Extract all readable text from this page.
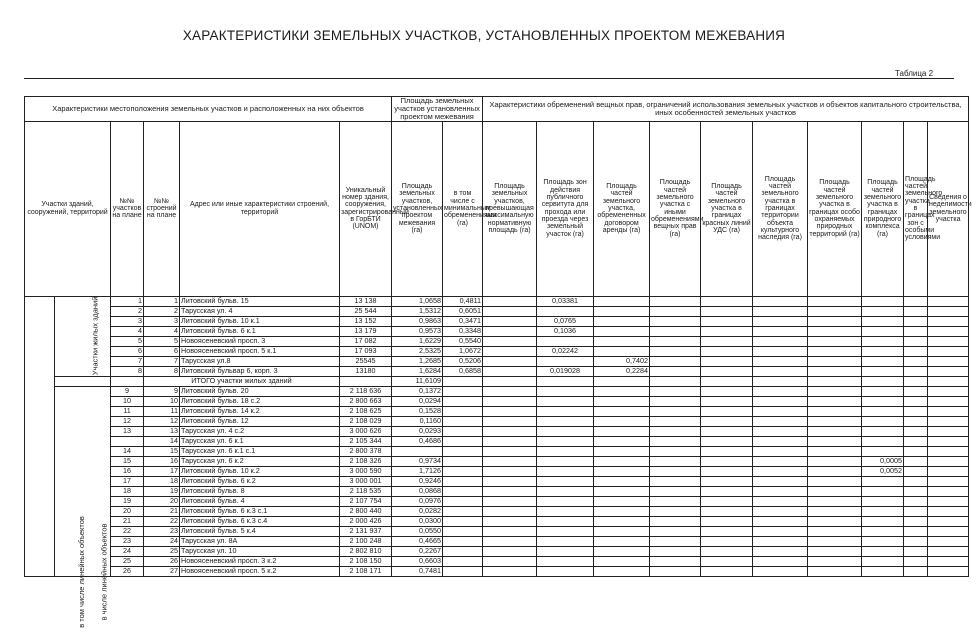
ХАРАКТЕРИСТИКИ ЗЕМЕЛЬНЫХ УЧАСТКОВ, УСТАНОВЛЕННЫХ ПРОЕКТОМ МЕЖЕВАНИЯ
Таблица 2
Характеристики местоположения земельных участков и расположенных на них объектов						Площадь земельных участков установленных проектом межевания		Характеристики обременений вещных прав, ограничений использования земельных участков и объектов капитального строительства, иных особенностей земельных участков									
Участки зданий, сооружений, территорий		№№ участков на плане	№№ строений на плане	Адрес или иные характеристики строений, территорий	Уникальный номер здания, сооружения, зарегистрированный в ГорБТИ (UNOM)	Площадь земельных участков, установленных проектом межевания (га)	в том числе с минимальным обременениями (га)	Площадь земельных участков, превышающая максимальную нормативную площадь (га)	Площадь зон действия публичного сервитута для прохода или проезда через земельный участок (га)	Площадь частей земельного участка, обремененных договором аренды (га)	Площадь частей земельного участка с иными обременениями вещных прав (га)	Площадь частей земельного участка в границах красных линий УДС (га)	Площадь частей земельного участка в границах территории объекта культурного наследия (га)	Площадь частей земельного участка в границах особо охраняемых природных территорий (га)	Площадь частей земельного участка в границах природного комплекса (га)	Площадь частей земельного участка в границах зон с особыми условиями	Сведения о неделимости земельного участка
в том числе линейных объектов	Участки жилых зданий	1	1	Литовский бульв. 15	13 138	1,0658	0,4811		0,03381								
		2	2	Тарусская ул. 4	25 544	1,5312	0,6051										
		3	3	Литовский бульв. 10 к.1	13 152	0,9863	0,3471		0,0765								
		4	4	Литовский бульв. 6 к.1	13 179	0,9573	0,3348		0,1036								
		5	5	Новоясеневский просп. 3	17 082	1,6229	0,5540										
		6	6	Новоясеневский просп. 5 к.1	17 093	2,5325	1,0672		0,02242								
		7	7	Тарусская ул.8	25545	1,2685	0,5206			0,7402							
		8	8	Литовский бульвар 6, корп. 3	13180	1,6284	0,6858		0,019028	0,2284							
			ИТОГО участки жилых зданий			11,6109											
	в числе линейных объектов	9	9	Литовский бульв. 20	2 118 636	0,1372											
		10	10	Литовский бульв. 18 с.2	2 800 663	0,0294											
		11	11	Литовский бульв. 14 к.2	2 108 625	0,1528											
		12	12	Литовский бульв. 12	2 108 029	0,1160											
		13	13	Тарусская ул. 4 с.2	3 000 626	0,0293											
			14	Тарусская ул. 6 к.1	2 105 344	0,4686											
		14	15	Тарусская ул. 6 к.1 с.1	2 800 378												
		15	16	Тарусская ул. 6 к.2	2 108 326	0,9734									0,0005		
		16	17	Литовский бульв. 10 к.2	3 000 590	1,7126									0,0052		
		17	18	Литовский бульв. 6 к.2	3 000 001	0,9246											
		18	19	Литовский бульв. 8	2 118 535	0,0868											
		19	20	Литовский бульв. 4	2 107 754	0,0976											
		20	21	Литовский бульв. 6 к.3 с.1	2 800 440	0,0282											
		21	22	Литовский бульв. 6 к.3 с.4	2 000 426	0,0300											
		22	23	Литовский бульв. 5 к.4	2 131 937	0,0550											
		23	24	Тарусская ул. 8А	2 100 248	0,4665											
		24	25	Тарусская ул. 10	2 802 810	0,2267											
		25	26	Новоясеневский просп. 3 к.2	2 108 150	0,6603											
		26	27	Новоясеневский просп. 5 к.2	2 108 171	0,7481											
